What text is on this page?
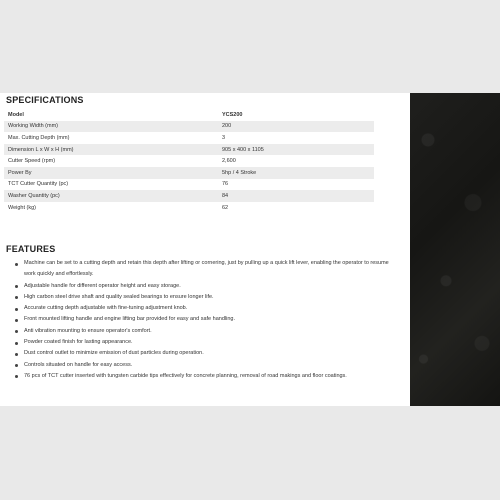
SPECIFICATIONS
Model	YCS200
Working Width (mm)	200
Max. Cutting Depth (mm)	3
Dimension L x W x H (mm)	905 x 400 x 1105
Cutter Speed (rpm)	2,600
Power By	5hp / 4 Stroke
TCT Cutter Quantity (pc)	76
Washer Quantity (pc)	84
Weight (kg)	62
FEATURES
Machine can be set to a cutting depth and retain this depth after lifting or cornering, just by pulling up a quick lift lever, enabling the operator to resume work quickly and effortlessly.
Adjustable handle for different operator height and easy storage.
High carbon steel drive shaft and quality sealed bearings to ensure longer life.
Accurate cutting depth adjustable with fine-tuning adjustment knob.
Front mounted lifting handle and engine lifting bar provided for easy and safe handling.
Anti vibration mounting to ensure operator's comfort.
Powder coated finish for lasting appearance.
Dust control outlet to minimize emission of dust particles during operation.
Controls situated on handle for easy access.
76 pcs of TCT cutter inserted with tungsten carbide tips effectively for concrete planning, removal of road makings and floor coatings.
